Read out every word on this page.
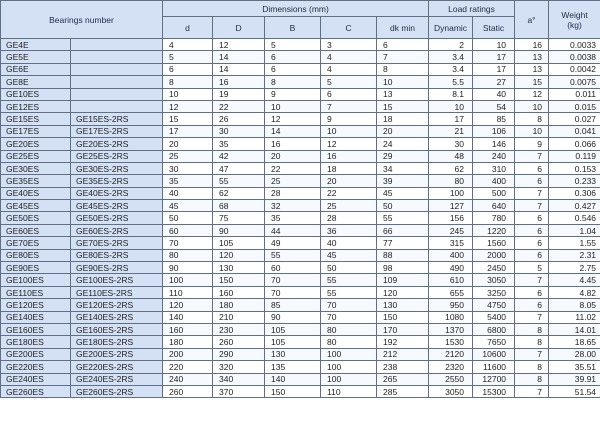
Bearings number		Dimensions (mm)					Load ratings		a°	Weight
(kg)
		d	D	B	C	dk min	Dynamic	Static		
GE4E		4	12	5	3	6	2	10	16	0.0033
GE5E		5	14	6	4	7	3.4	17	13	0.0038
GE6E		6	14	6	4	8	3.4	17	13	0.0042
GE8E		8	16	8	5	10	5.5	27	15	0.0075
GE10ES		10	19	9	6	13	8.1	40	12	0.011
GE12ES		12	22	10	7	15	10	54	10	0.015
GE15ES	GE15ES-2RS	15	26	12	9	18	17	85	8	0.027
GE17ES	GE17ES-2RS	17	30	14	10	20	21	106	10	0.041
GE20ES	GE20ES-2RS	20	35	16	12	24	30	146	9	0.066
GE25ES	GE25ES-2RS	25	42	20	16	29	48	240	7	0.119
GE30ES	GE30ES-2RS	30	47	22	18	34	62	310	6	0.153
GE35ES	GE35ES-2RS	35	55	25	20	39	80	400	6	0.233
GE40ES	GE40ES-2RS	40	62	28	22	45	100	500	7	0.306
GE45ES	GE45ES-2RS	45	68	32	25	50	127	640	7	0.427
GE50ES	GE50ES-2RS	50	75	35	28	55	156	780	6	0.546
GE60ES	GE60ES-2RS	60	90	44	36	66	245	1220	6	1.04
GE70ES	GE70ES-2RS	70	105	49	40	77	315	1560	6	1.55
GE80ES	GE80ES-2RS	80	120	55	45	88	400	2000	6	2.31
GE90ES	GE90ES-2RS	90	130	60	50	98	490	2450	5	2.75
GE100ES	GE100ES-2RS	100	150	70	55	109	610	3050	7	4.45
GE110ES	GE110ES-2RS	110	160	70	55	120	655	3250	6	4.82
GE120ES	GE120ES-2RS	120	180	85	70	130	950	4750	6	8.05
GE140ES	GE140ES-2RS	140	210	90	70	150	1080	5400	7	11.02
GE160ES	GE160ES-2RS	160	230	105	80	170	1370	6800	8	14.01
GE180ES	GE180ES-2RS	180	260	105	80	192	1530	7650	8	18.65
GE200ES	GE200ES-2RS	200	290	130	100	212	2120	10600	7	28.00
GE220ES	GE220ES-2RS	220	320	135	100	238	2320	11600	8	35.51
GE240ES	GE240ES-2RS	240	340	140	100	265	2550	12700	8	39.91
GE260ES	GE260ES-2RS	260	370	150	110	285	3050	15300	7	51.54
